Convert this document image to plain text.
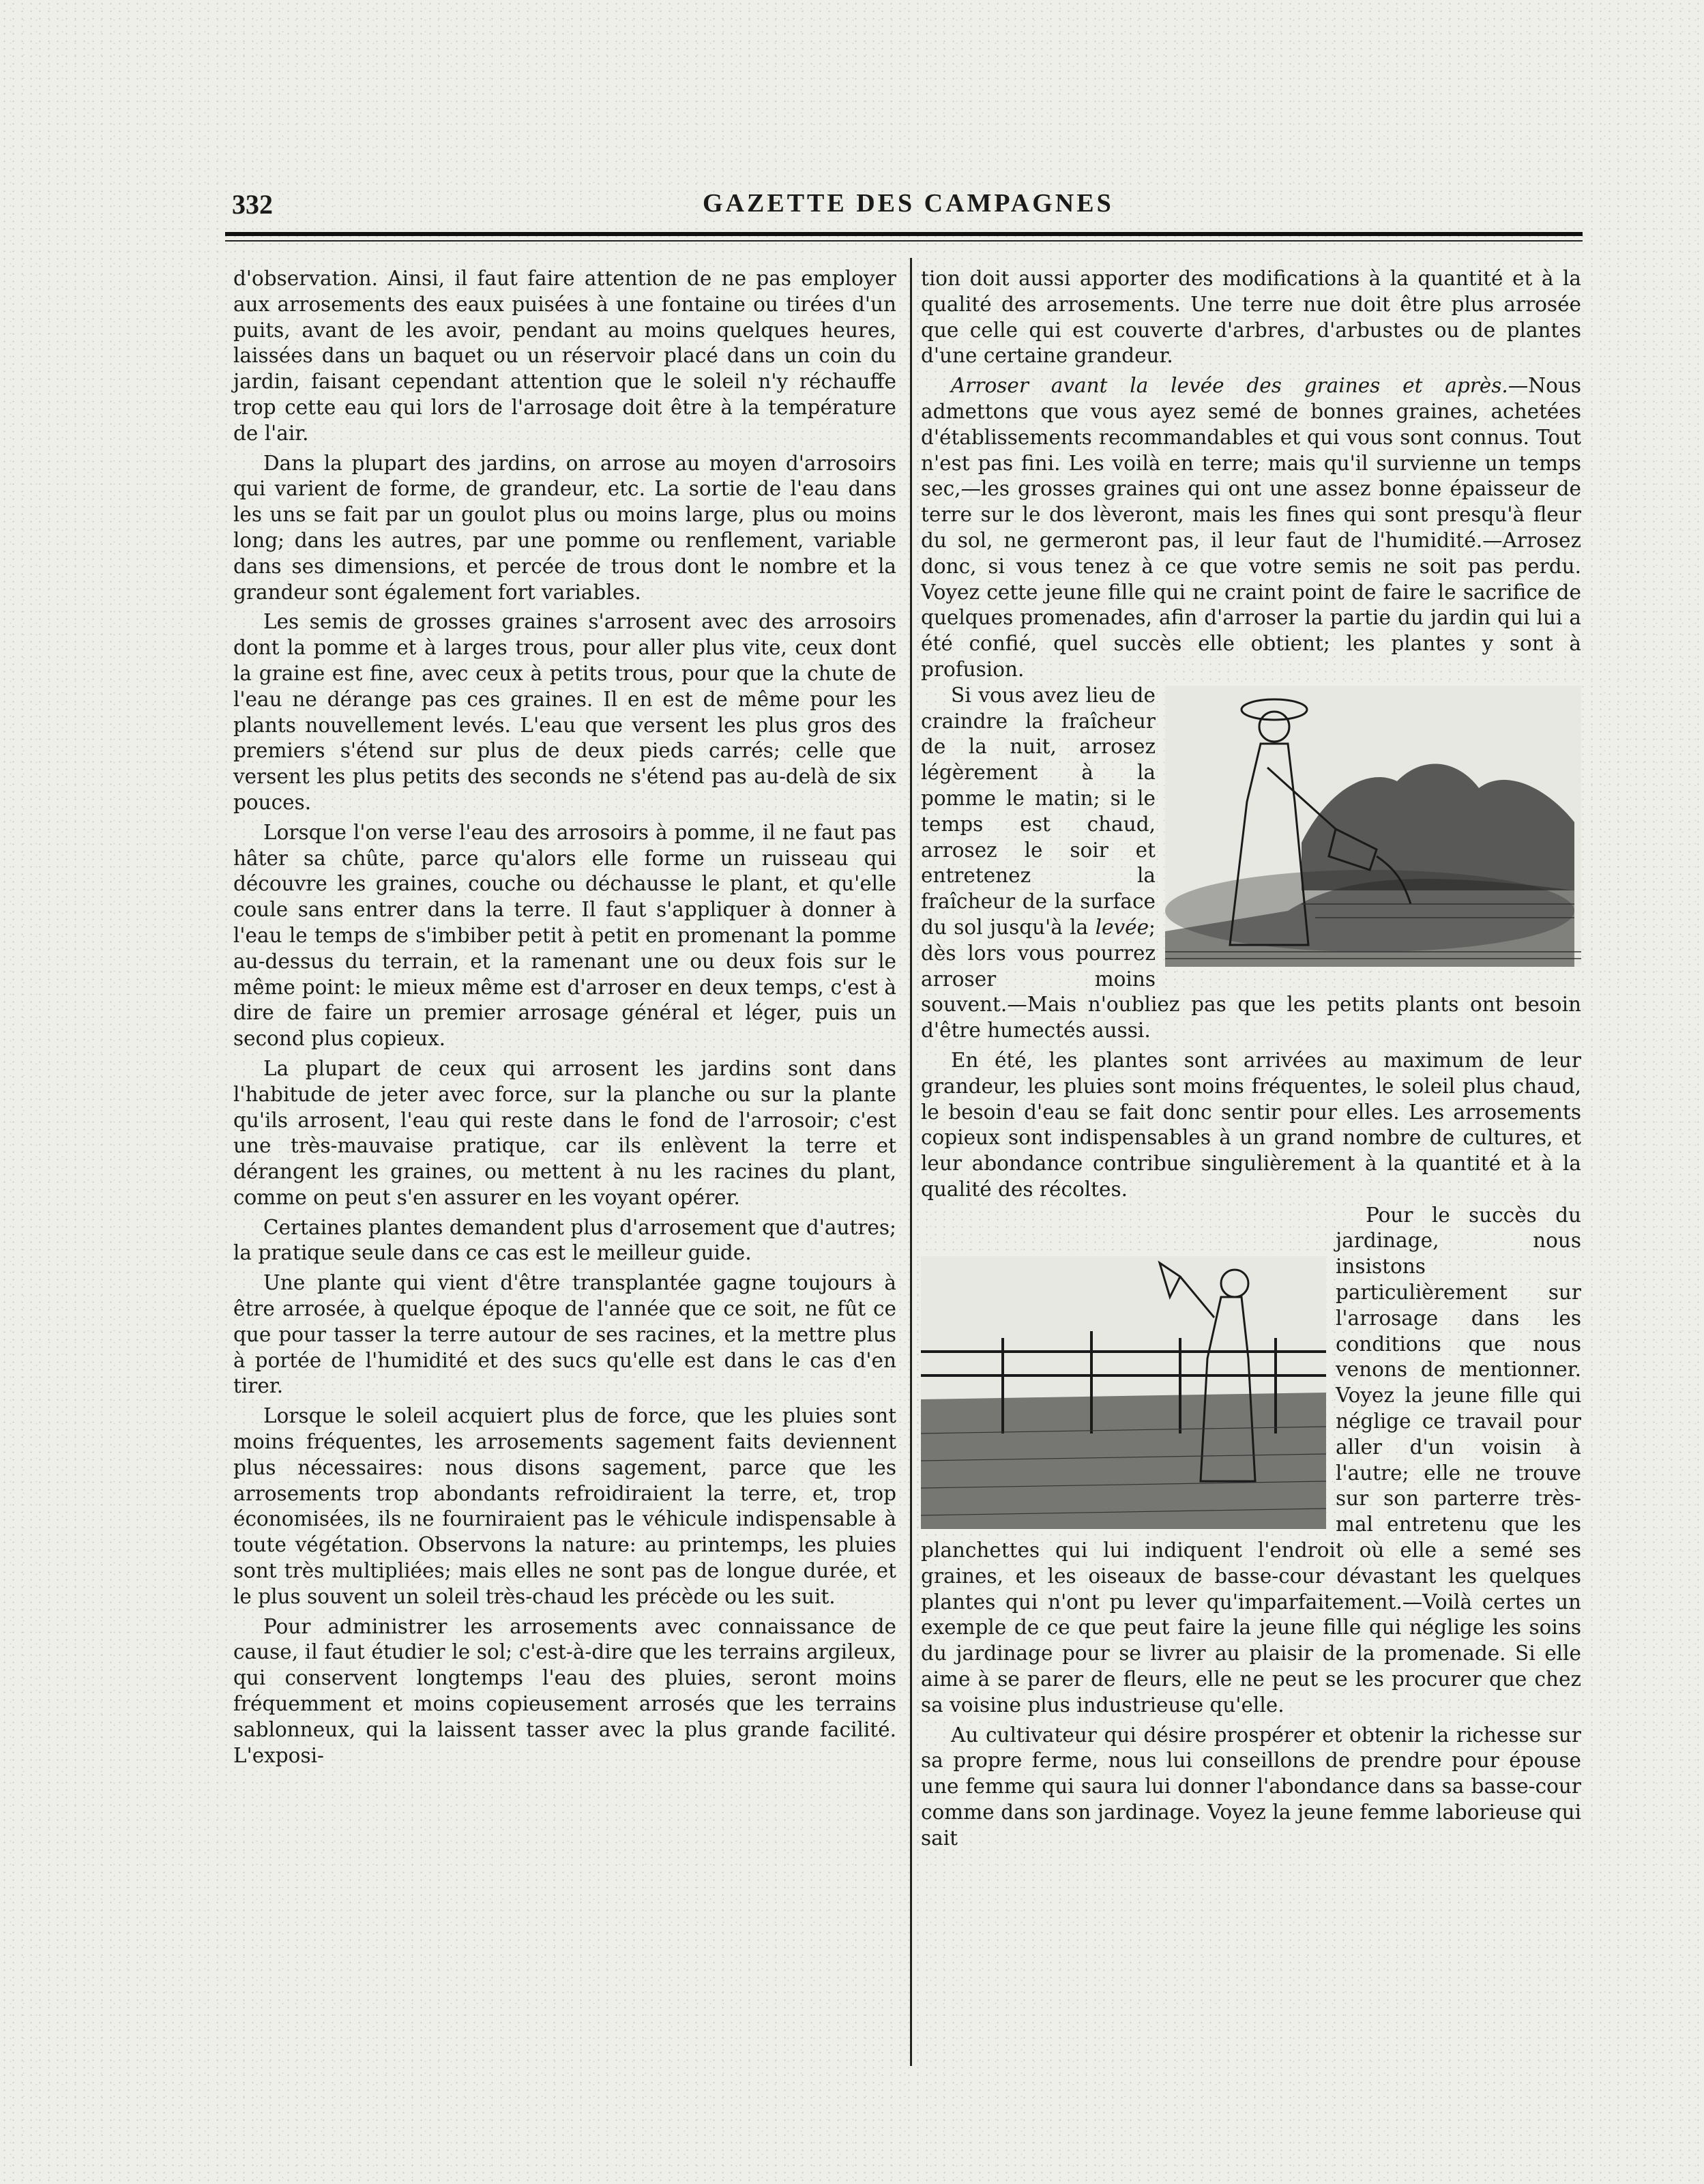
332	GAZETTE DES CAMPAGNES

d'observation. Ainsi, il faut faire attention de ne pas employer aux arrosements des eaux puisées à une fontaine ou tirées d'un puits, avant de les avoir, pendant au moins quelques heures, laissées dans un baquet ou un réservoir placé dans un coin du jardin, faisant cependant attention que le soleil n'y réchauffe trop cette eau qui lors de l'arrosage doit être à la température de l'air.

Dans la plupart des jardins, on arrose au moyen d'arrosoirs qui varient de forme, de grandeur, etc. La sortie de l'eau dans les uns se fait par un goulot plus ou moins large, plus ou moins long; dans les autres, par une pomme ou renflement, variable dans ses dimensions, et percée de trous dont le nombre et la grandeur sont également fort variables.

Les semis de grosses graines s'arrosent avec des arrosoirs dont la pomme et à larges trous, pour aller plus vite, ceux dont la graine est fine, avec ceux à petits trous, pour que la chute de l'eau ne dérange pas ces graines. Il en est de même pour les plants nouvellement levés. L'eau que versent les plus gros des premiers s'étend sur plus de deux pieds carrés; celle que versent les plus petits des seconds ne s'étend pas au-delà de six pouces.

Lorsque l'on verse l'eau des arrosoirs à pomme, il ne faut pas hâter sa chûte, parce qu'alors elle forme un ruisseau qui découvre les graines, couche ou déchausse le plant, et qu'elle coule sans entrer dans la terre. Il faut s'appliquer à donner à l'eau le temps de s'imbiber petit à petit en promenant la pomme au-dessus du terrain, et la ramenant une ou deux fois sur le même point: le mieux même est d'arroser en deux temps, c'est à dire de faire un premier arrosage général et léger, puis un second plus copieux.

La plupart de ceux qui arrosent les jardins sont dans l'habitude de jeter avec force, sur la planche ou sur la plante qu'ils arrosent, l'eau qui reste dans le fond de l'arrosoir; c'est une très-mauvaise pratique, car ils enlèvent la terre et dérangent les graines, ou mettent à nu les racines du plant, comme on peut s'en assurer en les voyant opérer.

Certaines plantes demandent plus d'arrosement que d'autres; la pratique seule dans ce cas est le meilleur guide.

Une plante qui vient d'être transplantée gagne toujours à être arrosée, à quelque époque de l'année que ce soit, ne fût ce que pour tasser la terre autour de ses racines, et la mettre plus à portée de l'humidité et des sucs qu'elle est dans le cas d'en tirer.

Lorsque le soleil acquiert plus de force, que les pluies sont moins fréquentes, les arrosements sagement faits deviennent plus nécessaires: nous disons sagement, parce que les arrosements trop abondants refroidiraient la terre, et, trop économisées, ils ne fourniraient pas le véhicule indispensable à toute végétation. Observons la nature: au printemps, les pluies sont très multipliées; mais elles ne sont pas de longue durée, et le plus souvent un soleil très-chaud les précède ou les suit.

Pour administrer les arrosements avec connaissance de cause, il faut étudier le sol; c'est-à-dire que les terrains argileux, qui conservent longtemps l'eau des pluies, seront moins fréquemment et moins copieusement arrosés que les terrains sablonneux, qui la laissent tasser avec la plus grande facilité. L'exposi-

tion doit aussi apporter des modifications à la quantité et à la qualité des arrosements. Une terre nue doit être plus arrosée que celle qui est couverte d'arbres, d'arbustes ou de plantes d'une certaine grandeur.

Arroser avant la levée des graines et après.—Nous admettons que vous ayez semé de bonnes graines, achetées d'établissements recommandables et qui vous sont connus. Tout n'est pas fini. Les voilà en terre; mais qu'il survienne un temps sec,—les grosses graines qui ont une assez bonne épaisseur de terre sur le dos lèveront, mais les fines qui sont presqu'à fleur du sol, ne germeront pas, il leur faut de l'humidité.—Arrosez donc, si vous tenez à ce que votre semis ne soit pas perdu. Voyez cette jeune fille qui ne craint point de faire le sacrifice de quelques promenades, afin d'arroser la partie du jardin qui lui a été confié, quel succès elle obtient; les plantes y sont à profusion.

Si vous avez lieu de craindre la fraîcheur de la nuit, arrosez légèrement à la pomme le matin; si le temps est chaud, arrosez le soir et entretenez la fraîcheur de la surface du sol jusqu'à la levée; dès lors vous pourrez arroser moins souvent.—Mais n'oubliez pas que les petits plants ont besoin d'être humectés aussi.

En été, les plantes sont arrivées au maximum de leur grandeur, les pluies sont moins fréquentes, le soleil plus chaud, le besoin d'eau se fait donc sentir pour elles. Les arrosements copieux sont indispensables à un grand nombre de cultures, et leur abondance contribue singulièrement à la quantité et à la qualité des récoltes.

Pour le succès du jardinage, nous insistons particulièrement sur l'arrosage dans les conditions que nous venons de mentionner. Voyez la jeune fille qui néglige ce travail pour aller d'un voisin à l'autre; elle ne trouve sur son parterre très-mal entretenu que les planchettes qui lui indiquent l'endroit où elle a semé ses graines, et les oiseaux de basse-cour dévastant les quelques plantes qui n'ont pu lever qu'imparfaitement.—Voilà certes un exemple de ce que peut faire la jeune fille qui néglige les soins du jardinage pour se livrer au plaisir de la promenade. Si elle aime à se parer de fleurs, elle ne peut se les procurer que chez sa voisine plus industrieuse qu'elle.

Au cultivateur qui désire prospérer et obtenir la richesse sur sa propre ferme, nous lui conseillons de prendre pour épouse une femme qui saura lui donner l'abondance dans sa basse-cour comme dans son jardinage. Voyez la jeune femme laborieuse qui sait
